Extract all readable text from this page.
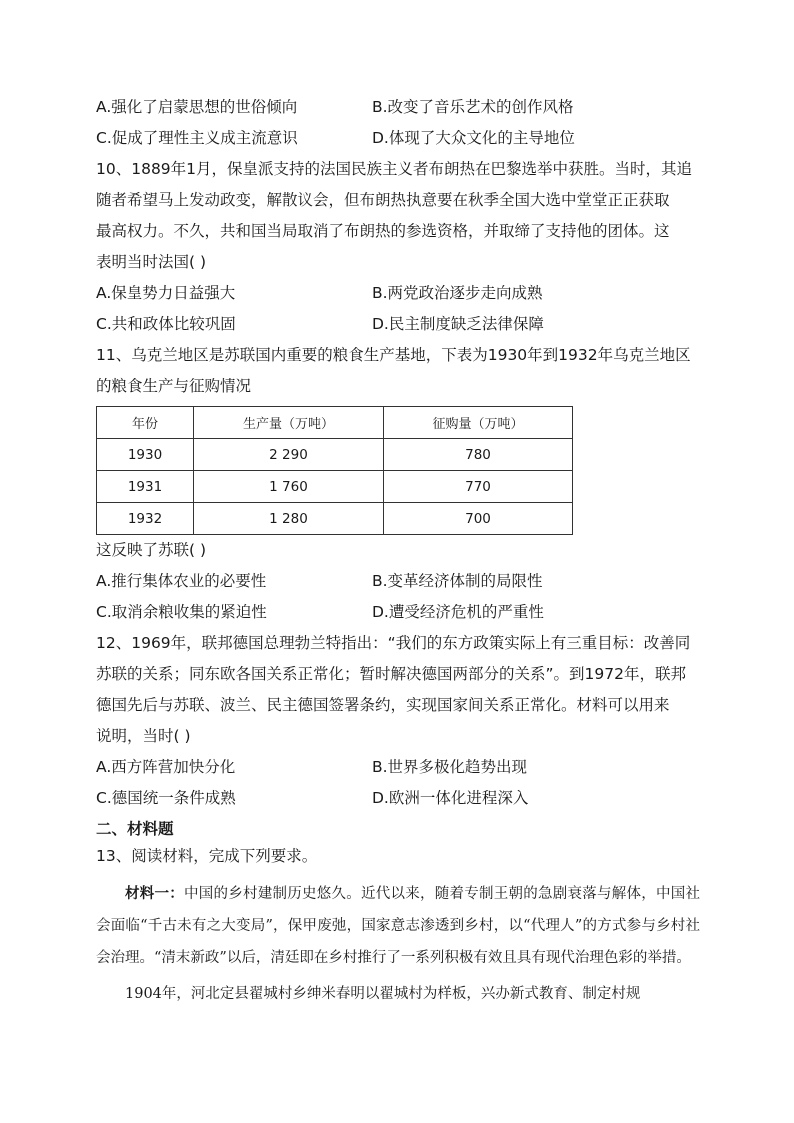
A.强化了启蒙思想的世俗倾向	B.改变了音乐艺术的创作风格
C.促成了理性主义成主流意识	D.体现了大众文化的主导地位
10、1889年1月，保皇派支持的法国民族主义者布朗热在巴黎选举中获胜。当时，其追
随者希望马上发动政变，解散议会，但布朗热执意要在秋季全国大选中堂堂正正获取
最高权力。不久，共和国当局取消了布朗热的参选资格，并取缔了支持他的团体。这
表明当时法国( )
A.保皇势力日益强大	B.两党政治逐步走向成熟
C.共和政体比较巩固	D.民主制度缺乏法律保障
11、乌克兰地区是苏联国内重要的粮食生产基地，下表为1930年到1932年乌克兰地区
的粮食生产与征购情况
年份	生产量（万吨）	征购量（万吨）
1930	2 290	780
1931	1 760	770
1932	1 280	700
这反映了苏联( )
A.推行集体农业的必要性	B.变革经济体制的局限性
C.取消余粮收集的紧迫性	D.遭受经济危机的严重性
12、1969年，联邦德国总理勃兰特指出：“我们的东方政策实际上有三重目标：改善同
苏联的关系；同东欧各国关系正常化；暂时解决德国两部分的关系”。到1972年，联邦
德国先后与苏联、波兰、民主德国签署条约，实现国家间关系正常化。材料可以用来
说明，当时( )
A.西方阵营加快分化	B.世界多极化趋势出现
C.德国统一条件成熟	D.欧洲一体化进程深入
二、材料题
13、阅读材料，完成下列要求。
材料一：中国的乡村建制历史悠久。近代以来，随着专制王朝的急剧衰落与解体，中国社会面临“千古未有之大变局”，保甲废弛，国家意志渗透到乡村，以“代理人”的方式参与乡村社会治理。“清末新政”以后，清廷即在乡村推行了一系列积极有效且具有现代治理色彩的举措。
1904年，河北定县翟城村乡绅米春明以翟城村为样板，兴办新式教育、制定村规
